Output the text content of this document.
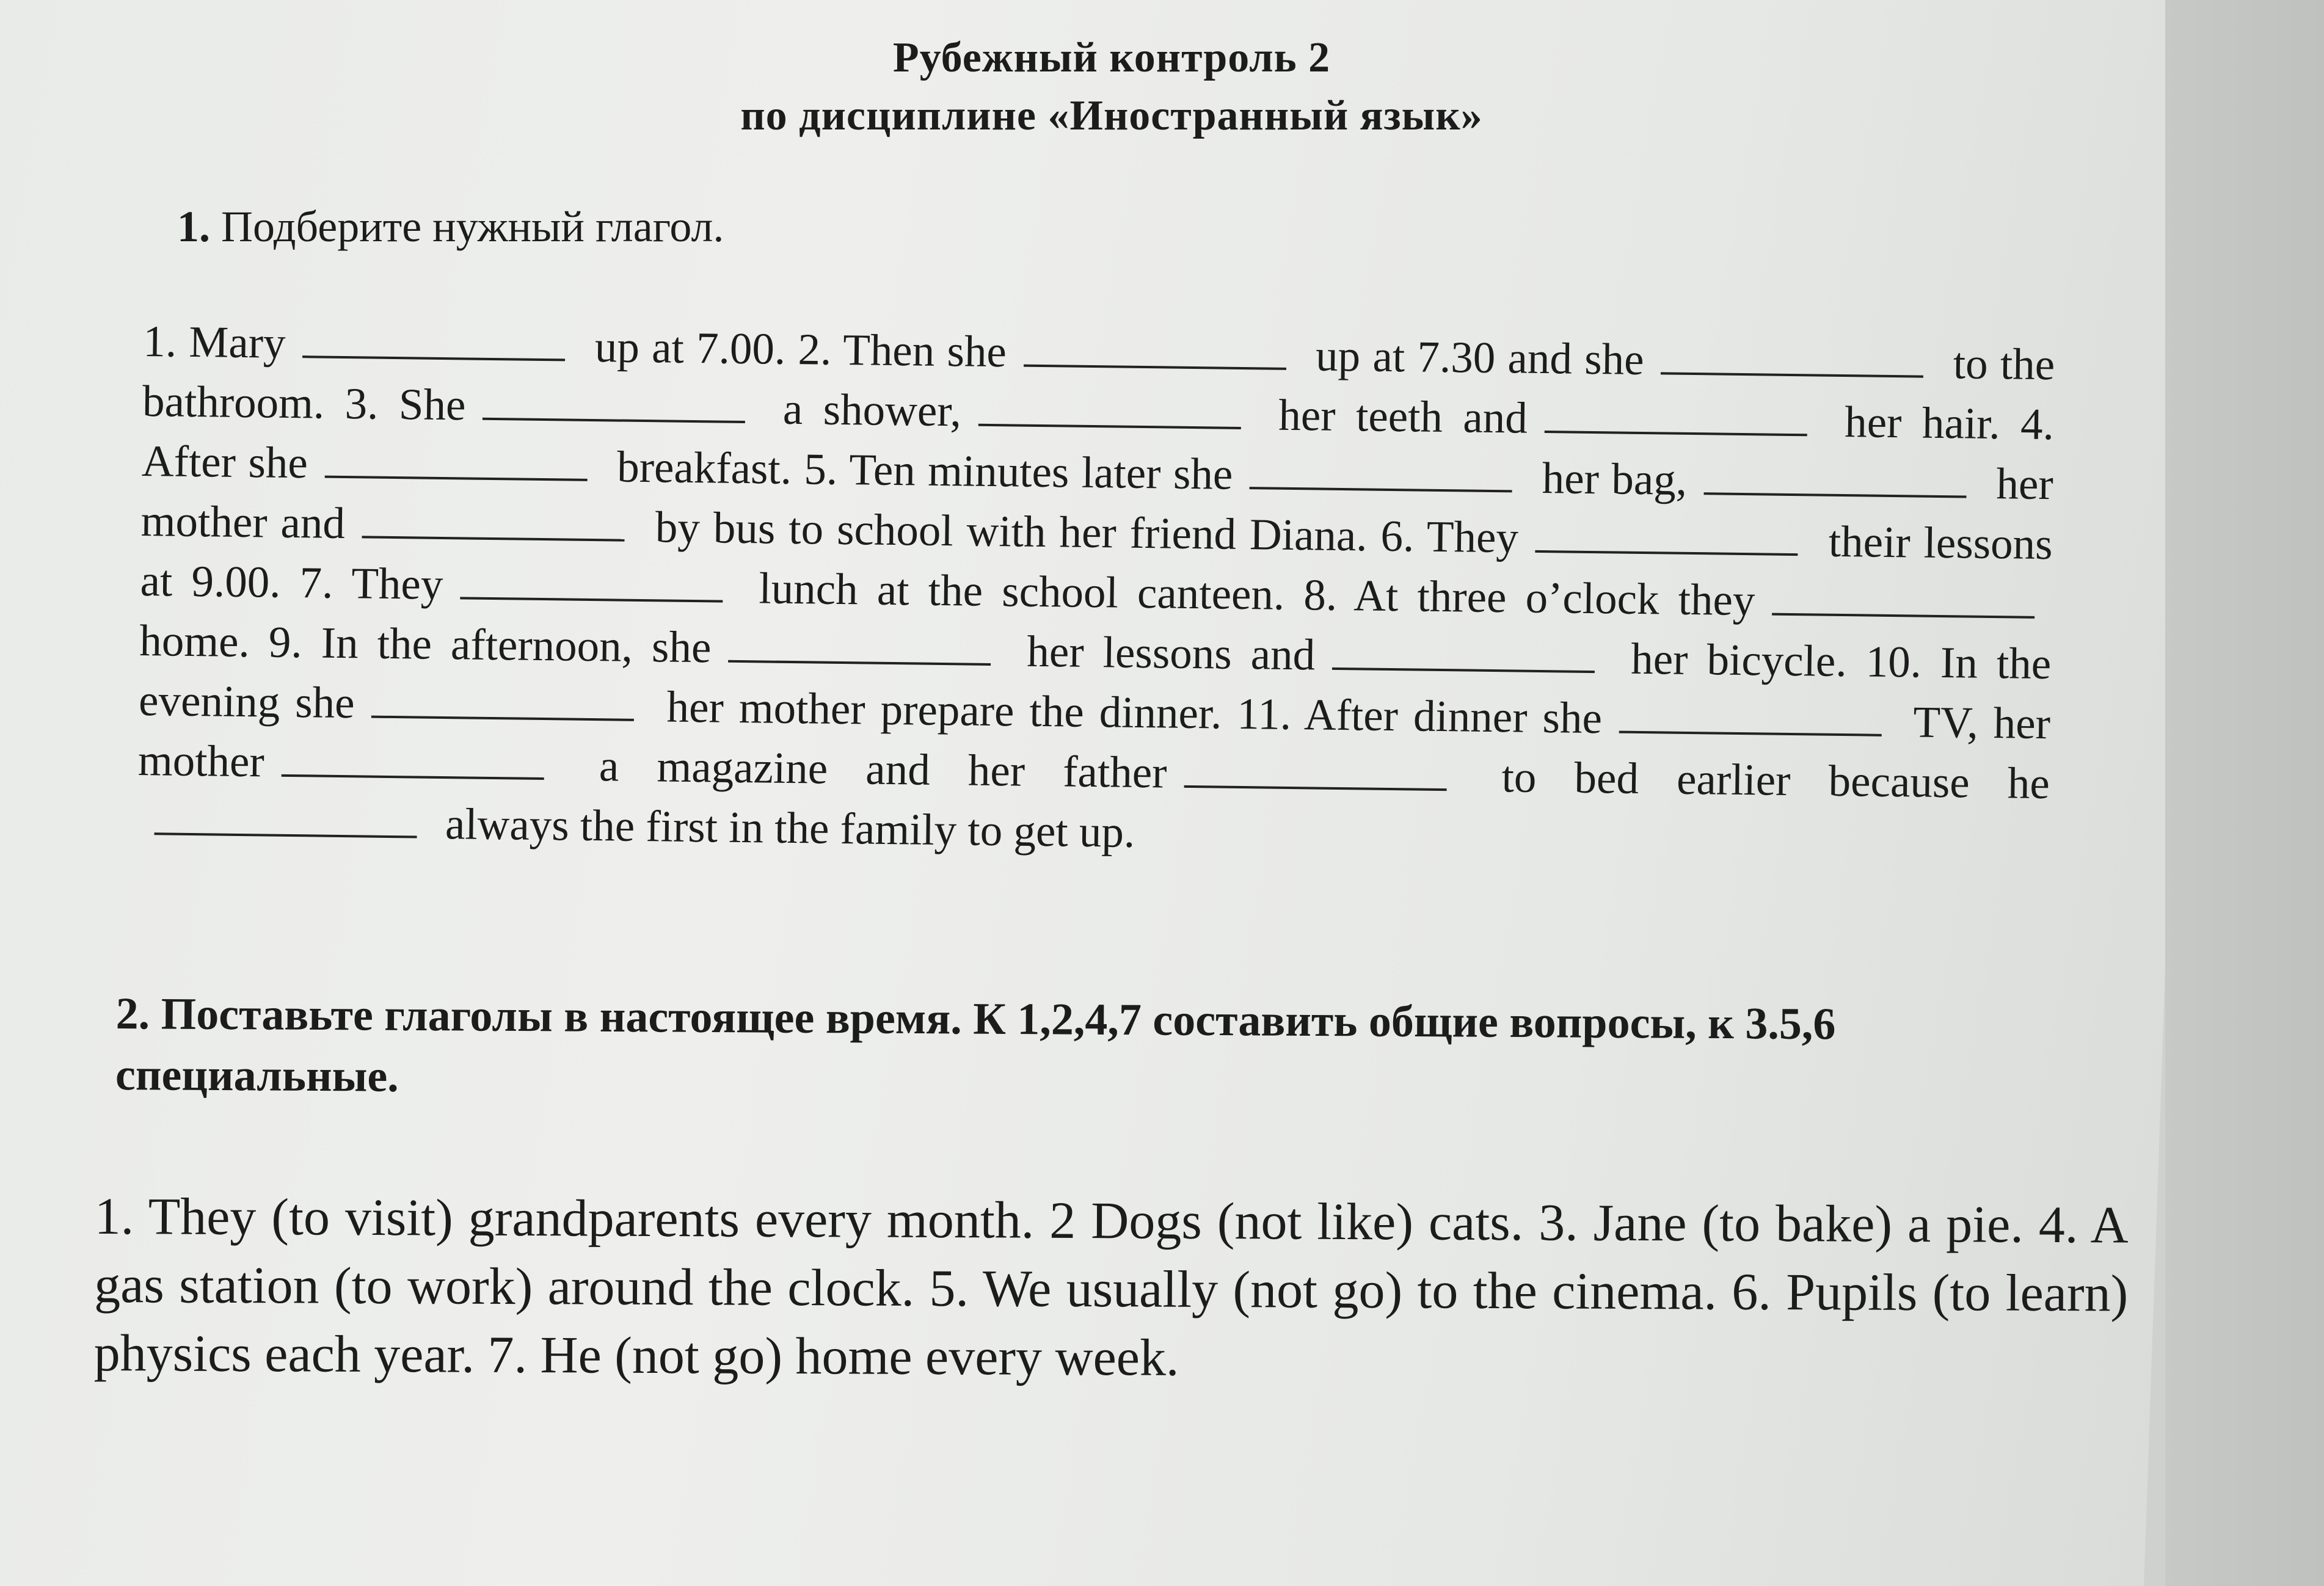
Рубежный контроль 2
по дисциплине «Иностранный язык»
1. Подберите нужный глагол.
1. Mary	up at 7.00. 2. Then she	up at 7.30 and she	to the bathroom. 3. She	a shower,	her teeth and	her hair. 4. After she	breakfast. 5. Ten minutes later she	her bag,	her mother and	by bus to school with her friend Diana. 6. They	their lessons at 9.00. 7. They	lunch at the school canteen. 8. At three o’clock they home. 9. In the afternoon, she	her lessons and	her bicycle. 10. In the evening she	her mother prepare the dinner. 11. After dinner she	TV, her mother	a magazine and her father	to bed earlier because he always the first in the family to get up.
2. Поставьте глаголы в настоящее время. К 1,2,4,7 составить общие вопросы, к 3.5,6 специальные.
1. They (to visit) grandparents every month. 2 Dogs (not like) cats. 3. Jane (to bake) a pie. 4. A gas station (to work) around the clock. 5. We usually (not go) to the cinema. 6. Pupils (to learn) physics each year. 7. He (not go) home every week.
